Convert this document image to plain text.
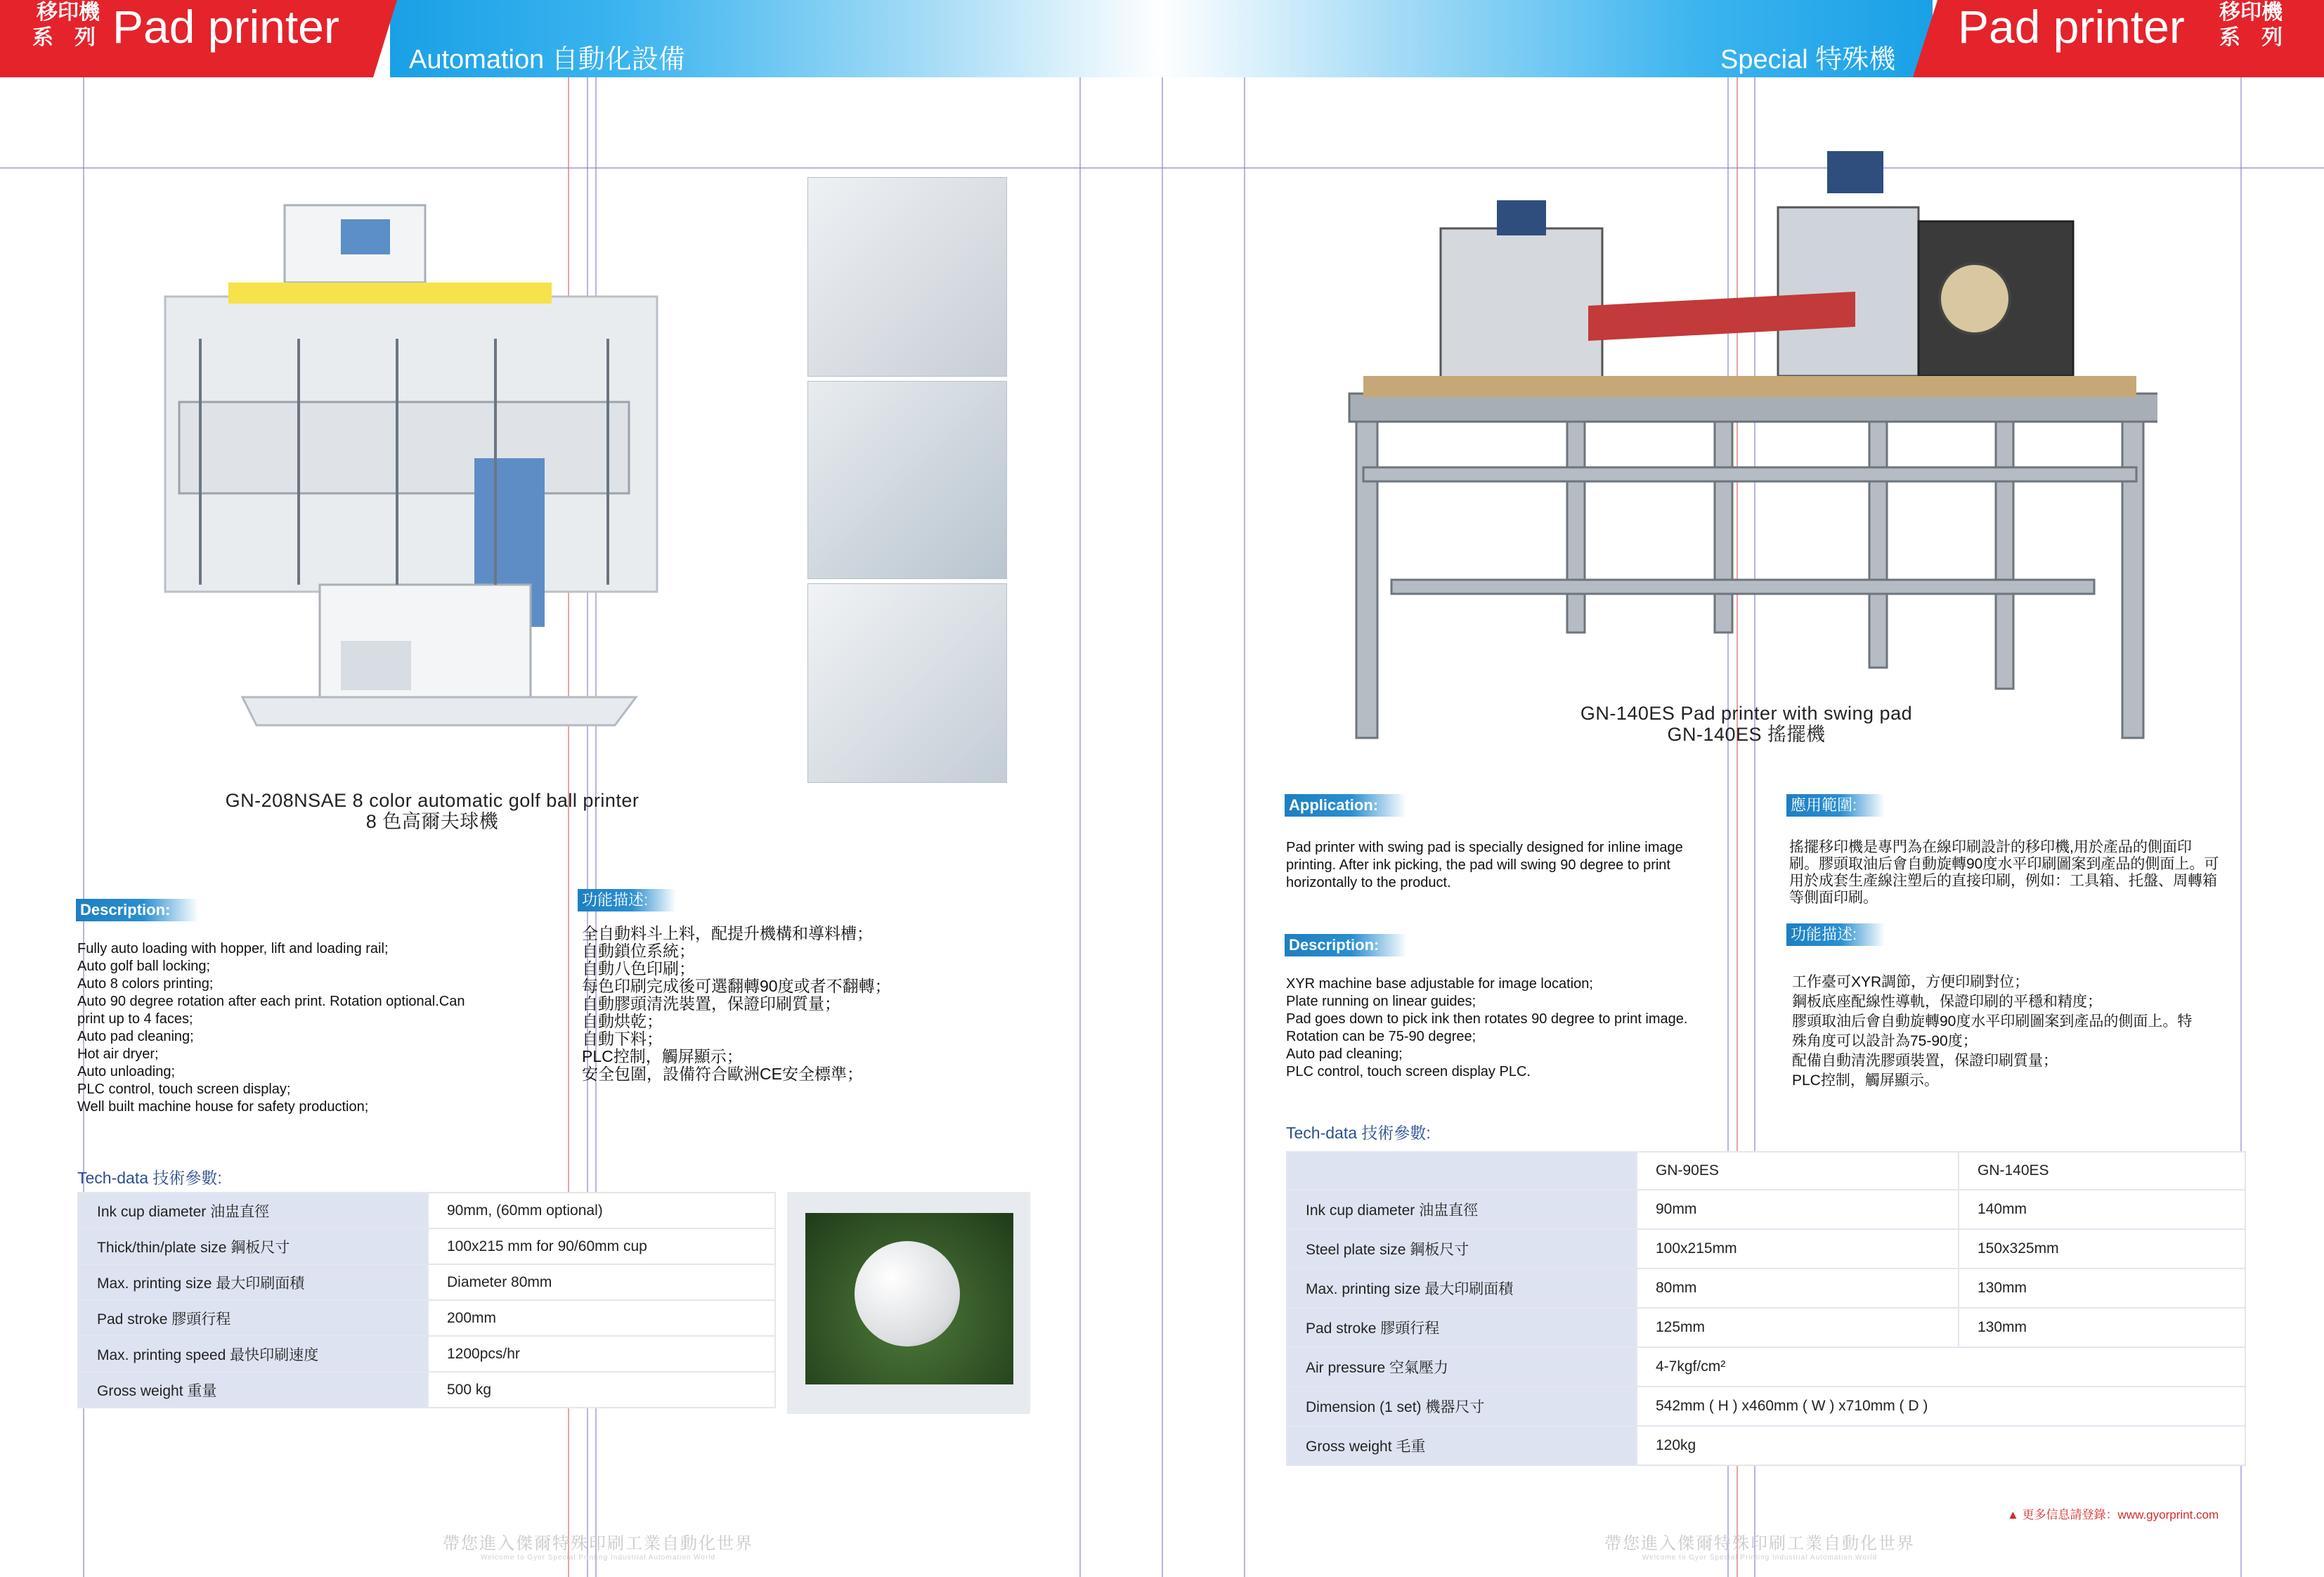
移印機
系　列 Pad printer
Automation 自動化設備
GN-208NSAE 8 color automatic golf ball printer
8 色高爾夫球機
Description:
Fully auto loading with hopper, lift and loading rail;
Auto golf ball locking;
Auto 8 colors printing;
Auto 90 degree rotation after each print. Rotation optional.Can
print up to 4 faces;
Auto pad cleaning;
Hot air dryer;
Auto unloading;
PLC control, touch screen display;
Well built machine house for safety production;
功能描述:
全自動料斗上料，配提升機構和導料槽；
自動鎖位系統；
自動八色印刷；
每色印刷完成後可選翻轉90度或者不翻轉；
自動膠頭清洗裝置，保證印刷質量；
自動烘乾；
自動下料；
PLC控制，觸屏顯示；
安全包圍，設備符合歐洲CE安全標準；
Tech-data 技術參數:
Ink cup diameter 油盅直徑	90mm, (60mm optional)
Thick/thin/plate size 鋼板尺寸	100x215 mm for 90/60mm cup
Max. printing size 最大印刷面積	Diameter 80mm
Pad stroke 膠頭行程	200mm
Max. printing speed 最快印刷速度	1200pcs/hr
Gross weight 重量	500 kg
帶您進入傑爾特殊印刷工業自動化世界
Welcome to Gyor Special Printing Industrial Automation World
Special 特殊機
Pad printer 移印機
系　列
GN-140ES Pad printer with swing pad
GN-140ES 搖擺機
Application:
Pad printer with swing pad is specially designed for inline image
printing. After ink picking, the pad will swing 90 degree to print
horizontally to the product.
應用範圍:
搖擺移印機是專門為在線印刷設計的移印機,用於產品的側面印
刷。膠頭取油后會自動旋轉90度水平印刷圖案到產品的側面上。可
用於成套生產線注塑后的直接印刷，例如：工具箱、托盤、周轉箱
等側面印刷。
Description:
XYR machine base adjustable for image location;
Plate running on linear guides;
Pad goes down to pick ink then rotates 90 degree to print image.
Rotation can be 75-90 degree;
Auto pad cleaning;
PLC control, touch screen display PLC.
功能描述:
工作臺可XYR調節，方便印刷對位；
鋼板底座配線性導軌，保證印刷的平穩和精度；
膠頭取油后會自動旋轉90度水平印刷圖案到產品的側面上。特
殊角度可以設計為75-90度；
配備自動清洗膠頭裝置，保證印刷質量；
PLC控制，觸屏顯示。
Tech-data 技術參數:
	GN-90ES	GN-140ES
Ink cup diameter 油盅直徑	90mm	140mm
Steel plate size 鋼板尺寸	100x215mm	150x325mm
Max. printing size 最大印刷面積	80mm	130mm
Pad stroke 膠頭行程	125mm	130mm
Air pressure 空氣壓力	4-7kgf/cm²	
Dimension (1 set) 機器尺寸	542mm ( H ) x460mm ( W ) x710mm ( D )	
Gross weight 毛重	120kg	
▲ 更多信息請登錄：www.gyorprint.com
帶您進入傑爾特殊印刷工業自動化世界
Welcome to Gyor Special Printing Industrial Automation World
